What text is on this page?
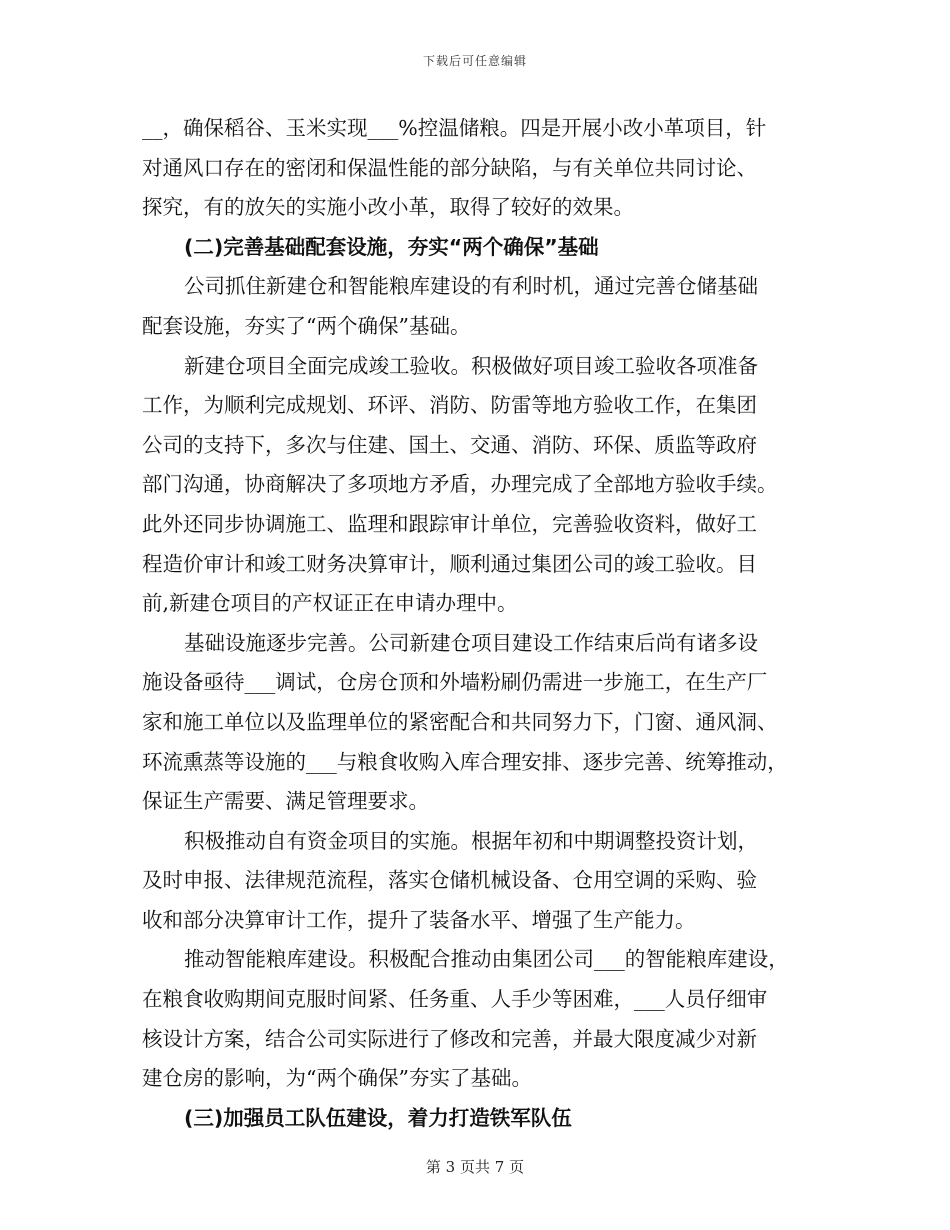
下载后可任意编辑
__，确保稻谷、玉米实现___%控温储粮。四是开展小改小革项目，针
对通风口存在的密闭和保温性能的部分缺陷，与有关单位共同讨论、
探究，有的放矢的实施小改小革，取得了较好的效果。
(二)完善基础配套设施，夯实“两个确保”基础
公司抓住新建仓和智能粮库建设的有利时机，通过完善仓储基础
配套设施，夯实了“两个确保”基础。
新建仓项目全面完成竣工验收。积极做好项目竣工验收各项准备
工作，为顺利完成规划、环评、消防、防雷等地方验收工作，在集团
公司的支持下，多次与住建、国土、交通、消防、环保、质监等政府
部门沟通，协商解决了多项地方矛盾，办理完成了全部地方验收手续。
此外还同步协调施工、监理和跟踪审计单位，完善验收资料，做好工
程造价审计和竣工财务决算审计，顺利通过集团公司的竣工验收。目
前,新建仓项目的产权证正在申请办理中。
基础设施逐步完善。公司新建仓项目建设工作结束后尚有诸多设
施设备亟待___调试，仓房仓顶和外墙粉刷仍需进一步施工，在生产厂
家和施工单位以及监理单位的紧密配合和共同努力下，门窗、通风洞、
环流熏蒸等设施的___与粮食收购入库合理安排、逐步完善、统筹推动，
保证生产需要、满足管理要求。
积极推动自有资金项目的实施。根据年初和中期调整投资计划，
及时申报、法律规范流程，落实仓储机械设备、仓用空调的采购、验
收和部分决算审计工作，提升了装备水平、增强了生产能力。
推动智能粮库建设。积极配合推动由集团公司___的智能粮库建设，
在粮食收购期间克服时间紧、任务重、人手少等困难，___人员仔细审
核设计方案，结合公司实际进行了修改和完善，并最大限度减少对新
建仓房的影响，为“两个确保”夯实了基础。
(三)加强员工队伍建设，着力打造铁军队伍
第 3 页共 7 页
